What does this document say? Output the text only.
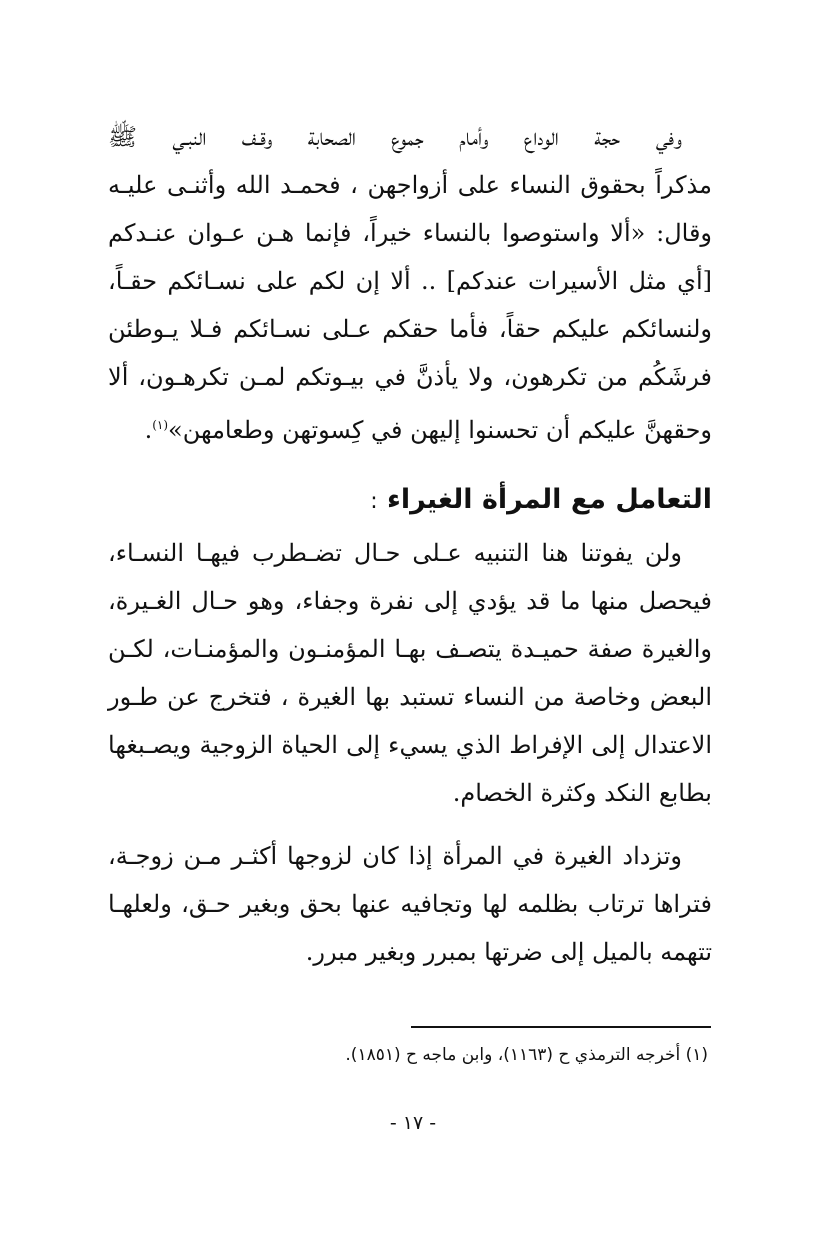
وفي حجة الوداع وأمام جموع الصحابة وقـف النبـي ﷺ
مذكراً بحقوق النساء على أزواجهن ، فحمـد الله وأثنـى عليـه
وقال: «ألا واستوصوا بالنساء خيراً، فإنما هـن عـوان عنـدكم
[أي مثل الأسيرات عندكم] .. ألا إن لكم على نسـائكم حقـاً،
ولنسائكم عليكم حقاً، فأما حقكم عـلى نسـائكم فـلا يـوطئن
فرشَكُم من تكرهون، ولا يأذنَّ في بيـوتكم لمـن تكرهـون، ألا
وحقهنَّ عليكم أن تحسنوا إليهن في كِسوتهن وطعامهن»$^{(١)}$.
التعامل مع المرأة الغيراء :
ولن يفوتنا هنا التنبيه عـلى حـال تضـطرب فيهـا النسـاء،
فيحصل منها ما قد يؤدي إلى نفرة وجفاء، وهو حـال الغـيرة،
والغيرة صفة حميـدة يتصـف بهـا المؤمنـون والمؤمنـات، لكـن
البعض وخاصة من النساء تستبد بها الغيرة ، فتخرج عن طـور
الاعتدال إلى الإفراط الذي يسيء إلى الحياة الزوجية ويصـبغها
بطابع النكد وكثرة الخصام.
وتزداد الغيرة في المرأة إذا كان لزوجها أكثـر مـن زوجـة،
فتراها ترتاب بظلمه لها وتجافيه عنها بحق وبغير حـق، ولعلهـا
تتهمه بالميل إلى ضرتها بمبرر وبغير مبرر.
(١) أخرجه الترمذي ح (١١٦٣)، وابن ماجه ح (١٨٥١).
- ١٧ -
